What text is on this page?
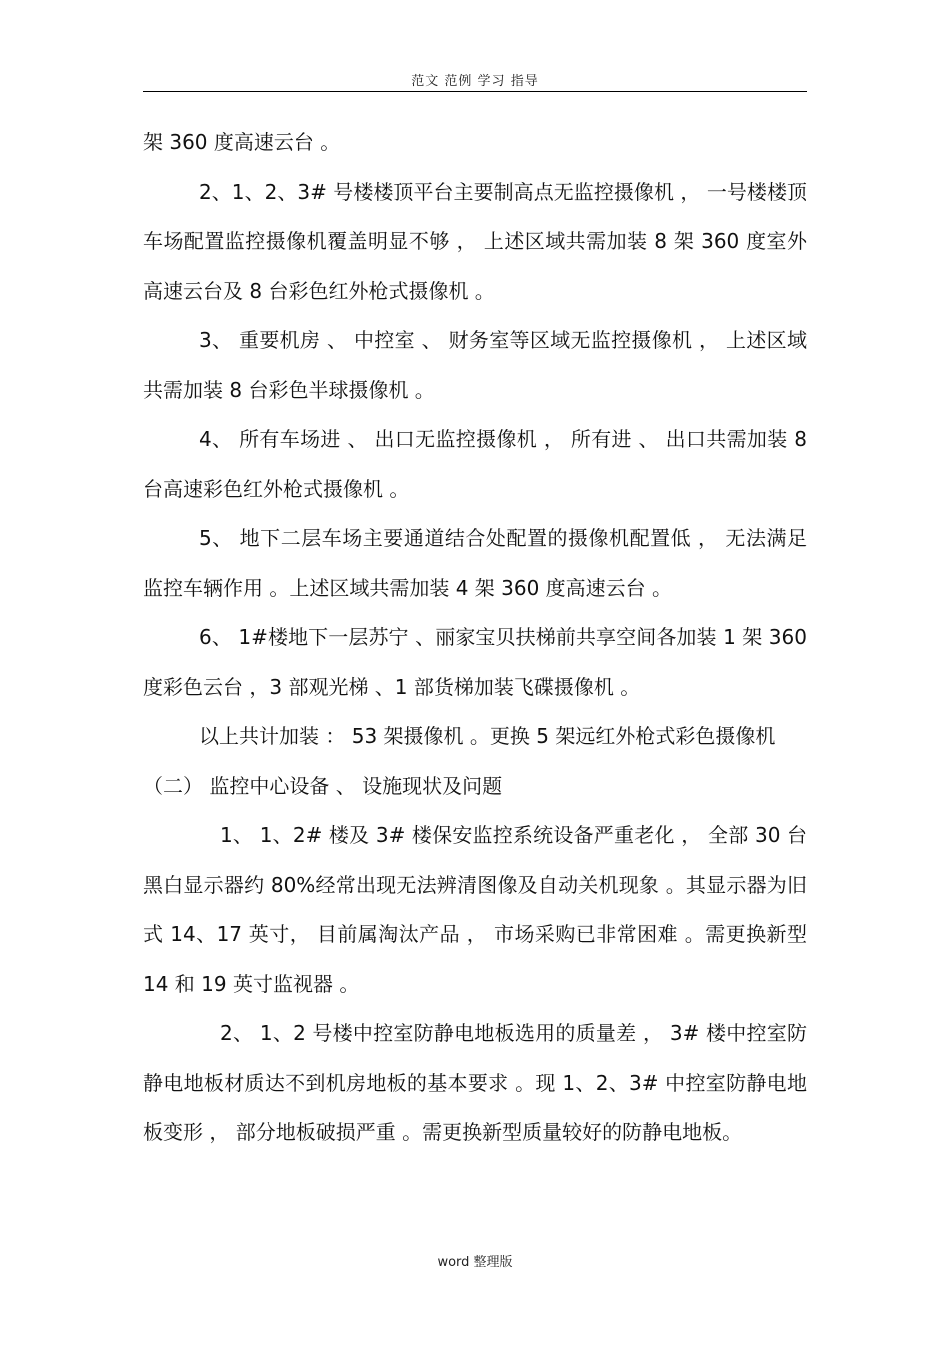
范文 范例 学习 指导

架 360 度高速云台 。

2、1、2、3# 号楼楼顶平台主要制高点无监控摄像机 ， 一号楼楼顶车场配置监控摄像机覆盖明显不够 ， 上述区域共需加装 8 架 360 度室外高速云台及 8 台彩色红外枪式摄像机 。

3、 重要机房 、 中控室 、 财务室等区域无监控摄像机 ， 上述区域共需加装 8 台彩色半球摄像机 。

4、 所有车场进 、 出口无监控摄像机 ， 所有进 、 出口共需加装 8 台高速彩色红外枪式摄像机 。

5、 地下二层车场主要通道结合处配置的摄像机配置低 ， 无法满足监控车辆作用 。上述区域共需加装 4 架 360 度高速云台 。

6、 1#楼地下一层苏宁 、丽家宝贝扶梯前共享空间各加装 1 架 360 度彩色云台 ，3 部观光梯 、1 部货梯加装飞碟摄像机 。

以上共计加装 ： 53 架摄像机 。更换 5 架远红外枪式彩色摄像机

（二） 监控中心设备 、 设施现状及问题

1、 1、2# 楼及 3# 楼保安监控系统设备严重老化 ， 全部 30 台黑白显示器约 80%经常出现无法辨清图像及自动关机现象 。其显示器为旧式 14、17 英寸， 目前属淘汰产品 ， 市场采购已非常困难 。需更换新型 14 和 19 英寸监视器 。

2、 1、2 号楼中控室防静电地板选用的质量差 ， 3# 楼中控室防静电地板材质达不到机房地板的基本要求 。现 1、2、3# 中控室防静电地板变形 ， 部分地板破损严重 。需更换新型质量较好的防静电地板。

word 整理版
